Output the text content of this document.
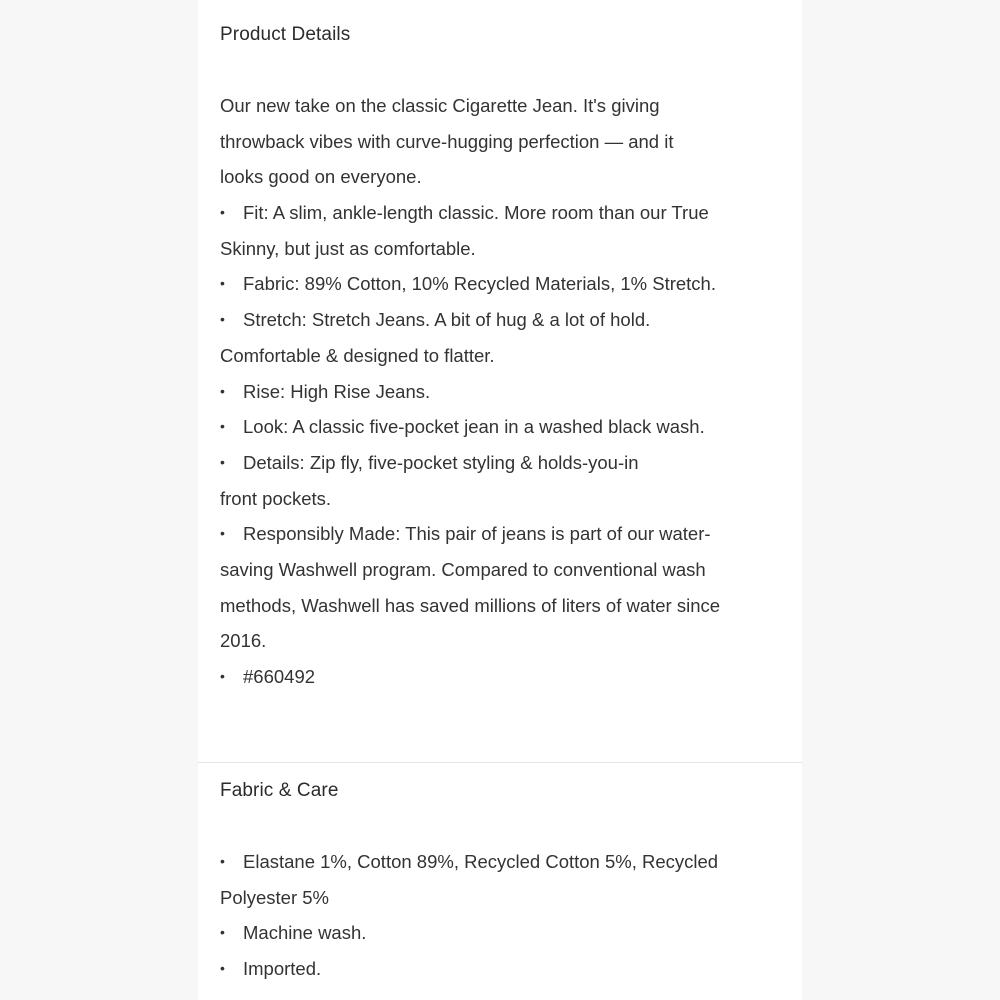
Product Details
Our new take on the classic Cigarette Jean. It's giving
throwback vibes with curve-hugging perfection — and it
looks good on everyone.
• Fit: A slim, ankle-length classic. More room than our True
Skinny, but just as comfortable.
• Fabric: 89% Cotton, 10% Recycled Materials, 1% Stretch.
• Stretch: Stretch Jeans. A bit of hug & a lot of hold.
Comfortable & designed to flatter.
• Rise: High Rise Jeans.
• Look: A classic five-pocket jean in a washed black wash.
• Details: Zip fly, five-pocket styling & holds-you-in
front pockets.
• Responsibly Made: This pair of jeans is part of our water-
saving Washwell program. Compared to conventional wash
methods, Washwell has saved millions of liters of water since
2016.
• #660492
Fabric & Care
• Elastane 1%, Cotton 89%, Recycled Cotton 5%, Recycled
Polyester 5%
• Machine wash.
• Imported.
